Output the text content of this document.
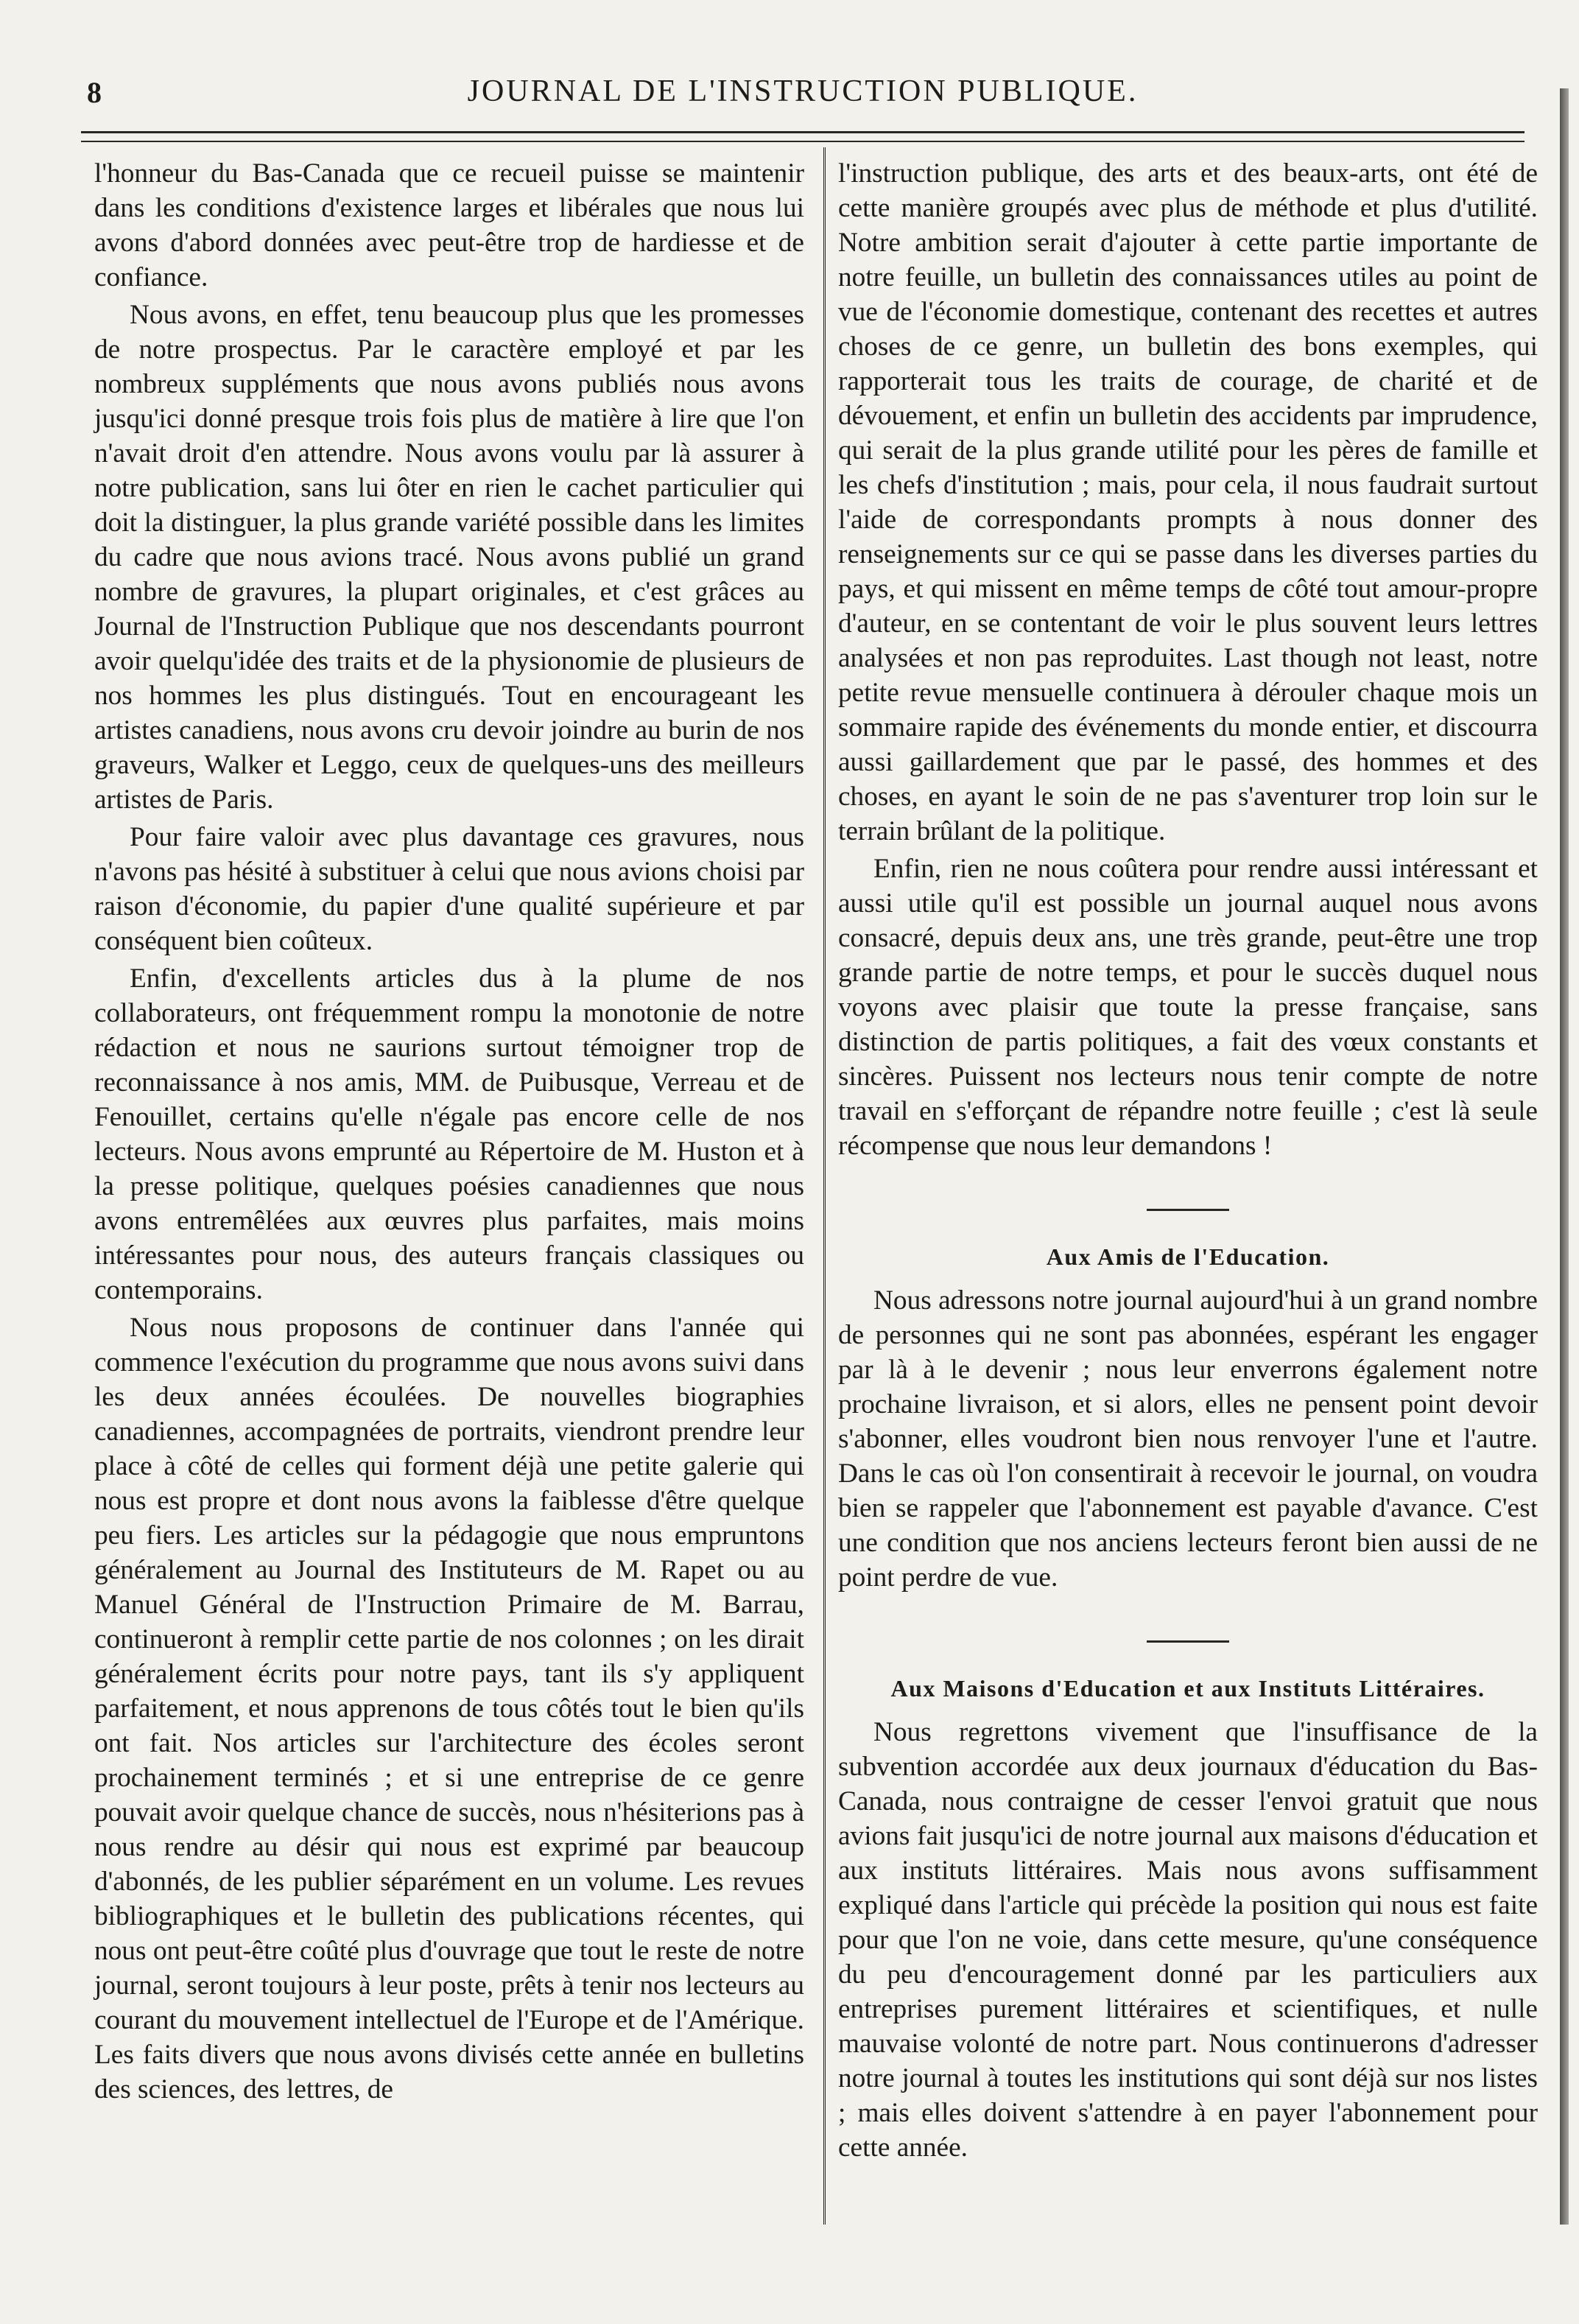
8	JOURNAL DE L'INSTRUCTION PUBLIQUE.

l'honneur du Bas-Canada que ce recueil puisse se maintenir dans les conditions d'existence larges et libérales que nous lui avons d'abord données avec peut-être trop de hardiesse et de confiance.

Nous avons, en effet, tenu beaucoup plus que les promesses de notre prospectus. Par le caractère employé et par les nombreux suppléments que nous avons publiés nous avons jusqu'ici donné presque trois fois plus de matière à lire que l'on n'avait droit d'en attendre. Nous avons voulu par là assurer à notre publication, sans lui ôter en rien le cachet particulier qui doit la distinguer, la plus grande variété possible dans les limites du cadre que nous avions tracé. Nous avons publié un grand nombre de gravures, la plupart originales, et c'est grâces au Journal de l'Instruction Publique que nos descendants pourront avoir quelqu'idée des traits et de la physionomie de plusieurs de nos hommes les plus distingués. Tout en encourageant les artistes canadiens, nous avons cru devoir joindre au burin de nos graveurs, Walker et Leggo, ceux de quelques-uns des meilleurs artistes de Paris.

Pour faire valoir avec plus davantage ces gravures, nous n'avons pas hésité à substituer à celui que nous avions choisi par raison d'économie, du papier d'une qualité supérieure et par conséquent bien coûteux.

Enfin, d'excellents articles dus à la plume de nos collaborateurs, ont fréquemment rompu la monotonie de notre rédaction et nous ne saurions surtout témoigner trop de reconnaissance à nos amis, MM. de Puibusque, Verreau et de Fenouillet, certains qu'elle n'égale pas encore celle de nos lecteurs. Nous avons emprunté au Répertoire de M. Huston et à la presse politique, quelques poésies canadiennes que nous avons entremêlées aux œuvres plus parfaites, mais moins intéressantes pour nous, des auteurs français classiques ou contemporains.

Nous nous proposons de continuer dans l'année qui commence l'exécution du programme que nous avons suivi dans les deux années écoulées. De nouvelles biographies canadiennes, accompagnées de portraits, viendront prendre leur place à côté de celles qui forment déjà une petite galerie qui nous est propre et dont nous avons la faiblesse d'être quelque peu fiers. Les articles sur la pédagogie que nous empruntons généralement au Journal des Instituteurs de M. Rapet ou au Manuel Général de l'Instruction Primaire de M. Barrau, continueront à remplir cette partie de nos colonnes ; on les dirait généralement écrits pour notre pays, tant ils s'y appliquent parfaitement, et nous apprenons de tous côtés tout le bien qu'ils ont fait. Nos articles sur l'architecture des écoles seront prochainement terminés ; et si une entreprise de ce genre pouvait avoir quelque chance de succès, nous n'hésiterions pas à nous rendre au désir qui nous est exprimé par beaucoup d'abonnés, de les publier séparément en un volume. Les revues bibliographiques et le bulletin des publications récentes, qui nous ont peut-être coûté plus d'ouvrage que tout le reste de notre journal, seront toujours à leur poste, prêts à tenir nos lecteurs au courant du mouvement intellectuel de l'Europe et de l'Amérique. Les faits divers que nous avons divisés cette année en bulletins des sciences, des lettres, de

l'instruction publique, des arts et des beaux-arts, ont été de cette manière groupés avec plus de méthode et plus d'utilité. Notre ambition serait d'ajouter à cette partie importante de notre feuille, un bulletin des connaissances utiles au point de vue de l'économie domestique, contenant des recettes et autres choses de ce genre, un bulletin des bons exemples, qui rapporterait tous les traits de courage, de charité et de dévouement, et enfin un bulletin des accidents par imprudence, qui serait de la plus grande utilité pour les pères de famille et les chefs d'institution ; mais, pour cela, il nous faudrait surtout l'aide de correspondants prompts à nous donner des renseignements sur ce qui se passe dans les diverses parties du pays, et qui missent en même temps de côté tout amour-propre d'auteur, en se contentant de voir le plus souvent leurs lettres analysées et non pas reproduites. Last though not least, notre petite revue mensuelle continuera à dérouler chaque mois un sommaire rapide des événements du monde entier, et discourra aussi gaillardement que par le passé, des hommes et des choses, en ayant le soin de ne pas s'aventurer trop loin sur le terrain brûlant de la politique.

Enfin, rien ne nous coûtera pour rendre aussi intéressant et aussi utile qu'il est possible un journal auquel nous avons consacré, depuis deux ans, une très grande, peut-être une trop grande partie de notre temps, et pour le succès duquel nous voyons avec plaisir que toute la presse française, sans distinction de partis politiques, a fait des vœux constants et sincères. Puissent nos lecteurs nous tenir compte de notre travail en s'efforçant de répandre notre feuille ; c'est là seule récompense que nous leur demandons !

Aux Amis de l'Education.

Nous adressons notre journal aujourd'hui à un grand nombre de personnes qui ne sont pas abonnées, espérant les engager par là à le devenir ; nous leur enverrons également notre prochaine livraison, et si alors, elles ne pensent point devoir s'abonner, elles voudront bien nous renvoyer l'une et l'autre. Dans le cas où l'on consentirait à recevoir le journal, on voudra bien se rappeler que l'abonnement est payable d'avance. C'est une condition que nos anciens lecteurs feront bien aussi de ne point perdre de vue.

Aux Maisons d'Education et aux Instituts Littéraires.

Nous regrettons vivement que l'insuffisance de la subvention accordée aux deux journaux d'éducation du Bas-Canada, nous contraigne de cesser l'envoi gratuit que nous avions fait jusqu'ici de notre journal aux maisons d'éducation et aux instituts littéraires. Mais nous avons suffisamment expliqué dans l'article qui précède la position qui nous est faite pour que l'on ne voie, dans cette mesure, qu'une conséquence du peu d'encouragement donné par les particuliers aux entreprises purement littéraires et scientifiques, et nulle mauvaise volonté de notre part. Nous continuerons d'adresser notre journal à toutes les institutions qui sont déjà sur nos listes ; mais elles doivent s'attendre à en payer l'abonnement pour cette année.
